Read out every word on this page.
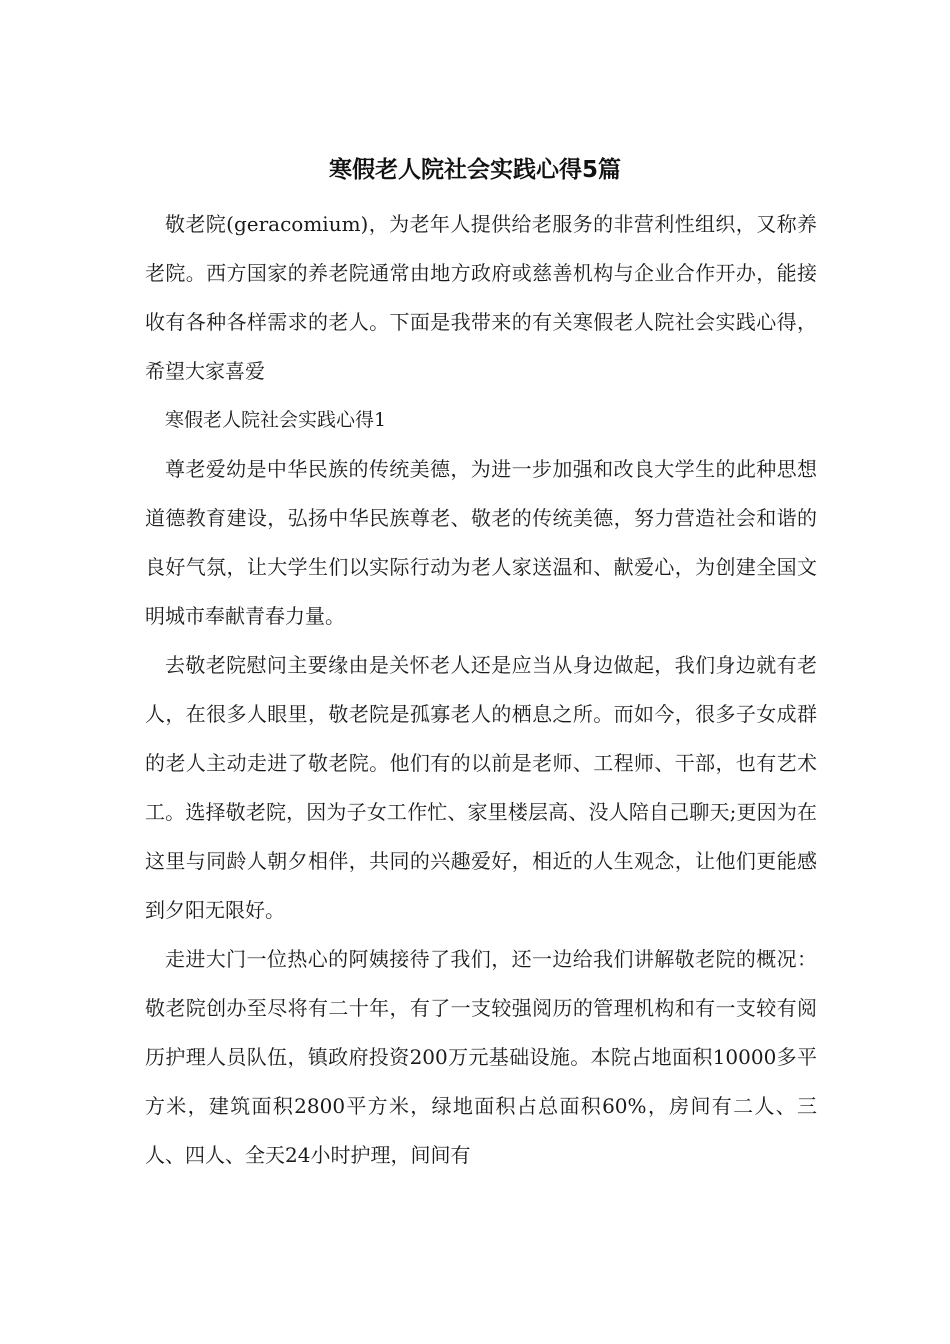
寒假老人院社会实践心得5篇

敬老院(geracomium)，为老年人提供给老服务的非营利性组织，又称养老院。西方国家的养老院通常由地方政府或慈善机构与企业合作开办，能接收有各种各样需求的老人。下面是我带来的有关寒假老人院社会实践心得，希望大家喜爱

寒假老人院社会实践心得1

尊老爱幼是中华民族的传统美德，为进一步加强和改良大学生的此种思想道德教育建设，弘扬中华民族尊老、敬老的传统美德，努力营造社会和谐的良好气氛，让大学生们以实际行动为老人家送温和、献爱心，为创建全国文明城市奉献青春力量。

去敬老院慰问主要缘由是关怀老人还是应当从身边做起，我们身边就有老人，在很多人眼里，敬老院是孤寡老人的栖息之所。而如今，很多子女成群的老人主动走进了敬老院。他们有的以前是老师、工程师、干部，也有艺术工。选择敬老院，因为子女工作忙、家里楼层高、没人陪自己聊天;更因为在这里与同龄人朝夕相伴，共同的兴趣爱好，相近的人生观念，让他们更能感到夕阳无限好。

走进大门一位热心的阿姨接待了我们，还一边给我们讲解敬老院的概况：敬老院创办至尽将有二十年，有了一支较强阅历的管理机构和有一支较有阅历护理人员队伍，镇政府投资200万元基础设施。本院占地面积10000多平方米，建筑面积2800平方米，绿地面积占总面积60%，房间有二人、三人、四人、全天24小时护理，间间有
